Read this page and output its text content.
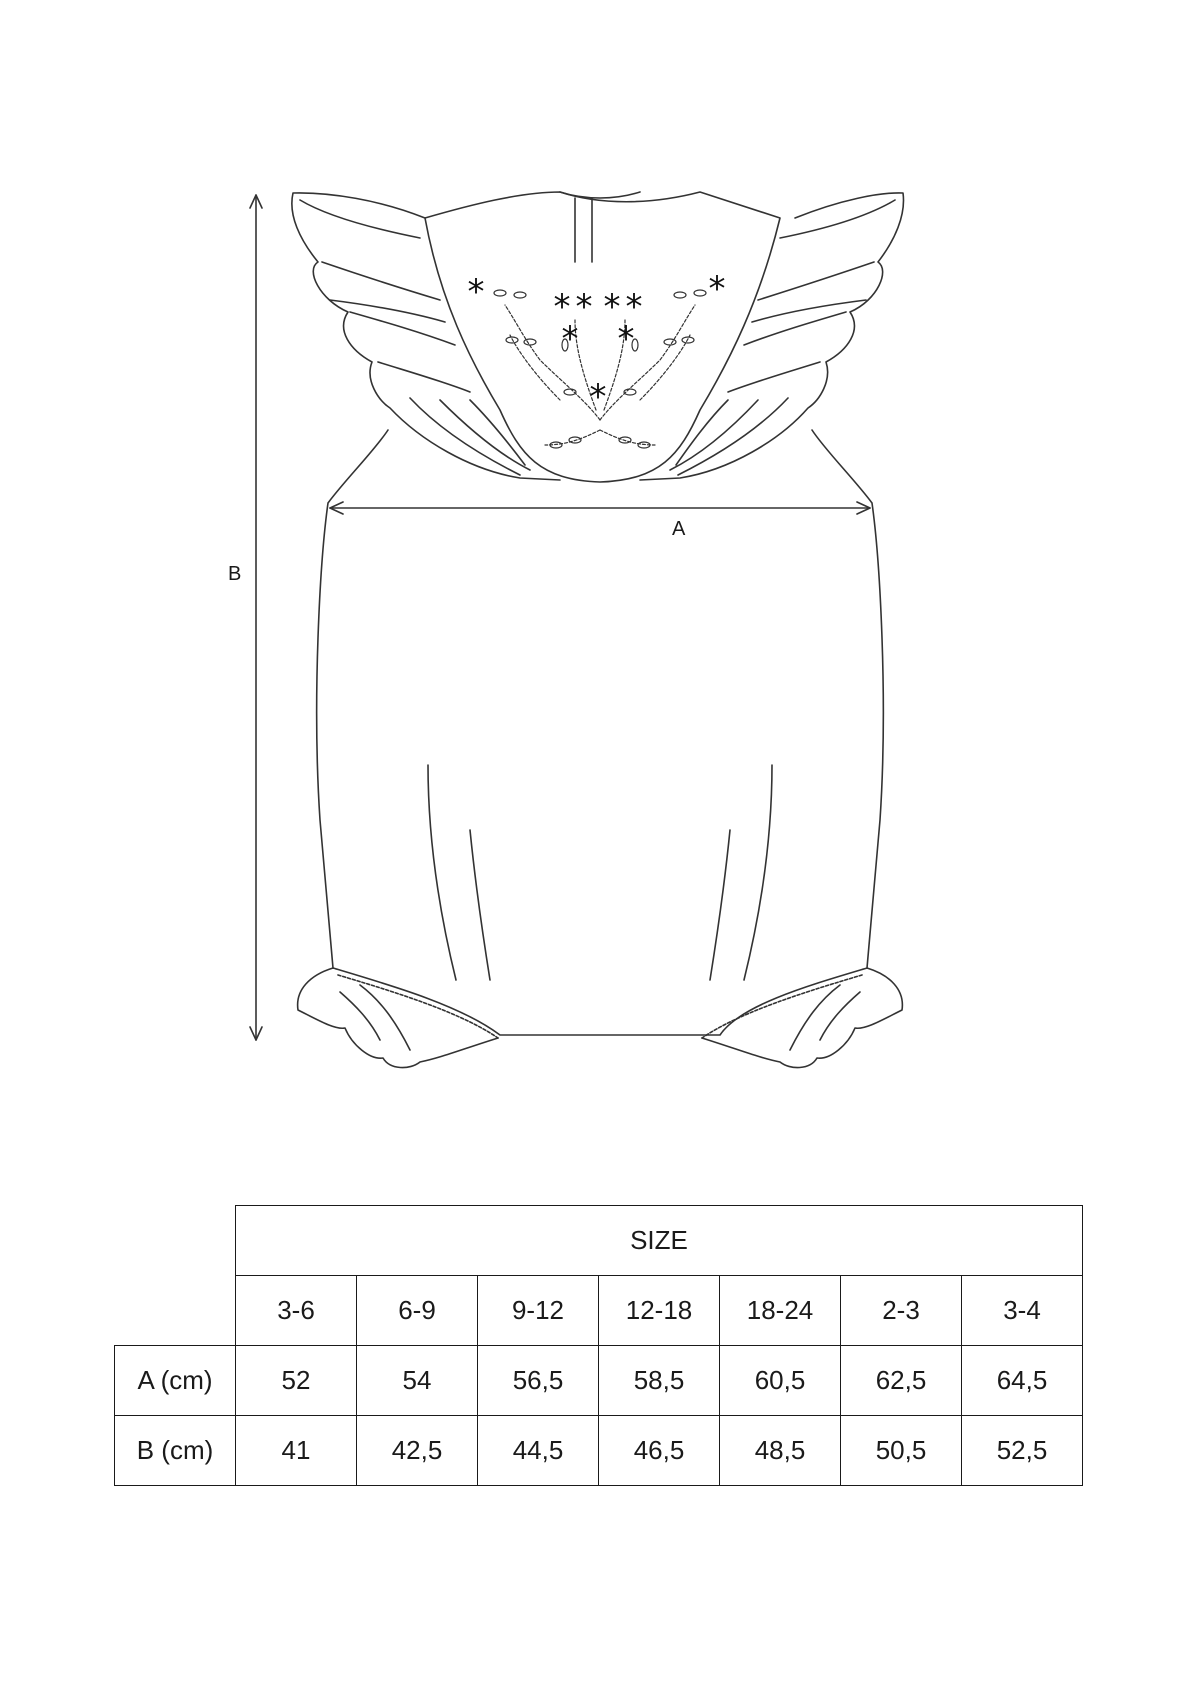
B
* * * * * *
* *
*
A
	SIZE						
	3-6	6-9	9-12	12-18	18-24	2-3	3-4
A (cm)	52	54	56,5	58,5	60,5	62,5	64,5
B (cm)	41	42,5	44,5	46,5	48,5	50,5	52,5
